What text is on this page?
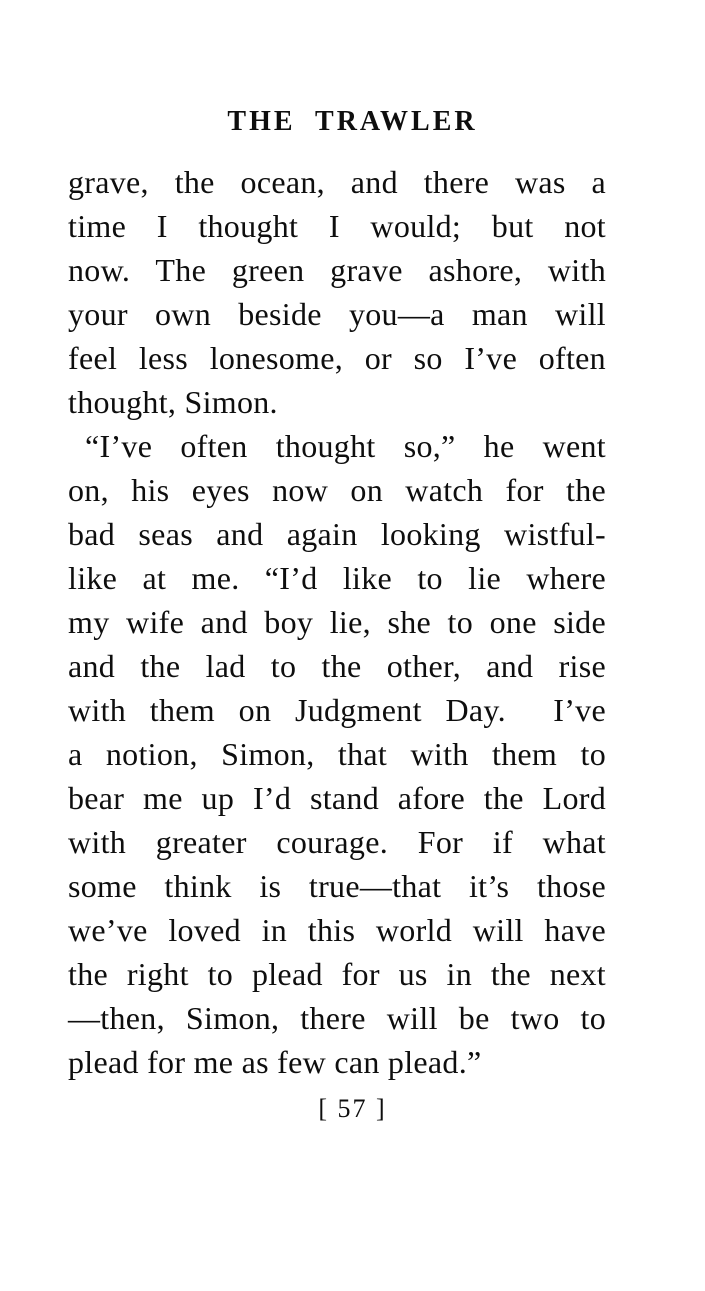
THE TRAWLER
grave, the ocean, and there was a
time I thought I would; but not
now. The green grave ashore, with
your own beside you—a man will
feel less lonesome, or so I’ve often
thought, Simon.
“I’ve often thought so,” he went
on, his eyes now on watch for the
bad seas and again looking wistful-
like at me. “I’d like to lie where
my wife and boy lie, she to one side
and the lad to the other, and rise
with them on Judgment Day.  I’ve
a notion, Simon, that with them to
bear me up I’d stand afore the Lord
with greater courage. For if what
some think is true—that it’s those
we’ve loved in this world will have
the right to plead for us in the next
—then, Simon, there will be two to
plead for me as few can plead.”
[ 57 ]
